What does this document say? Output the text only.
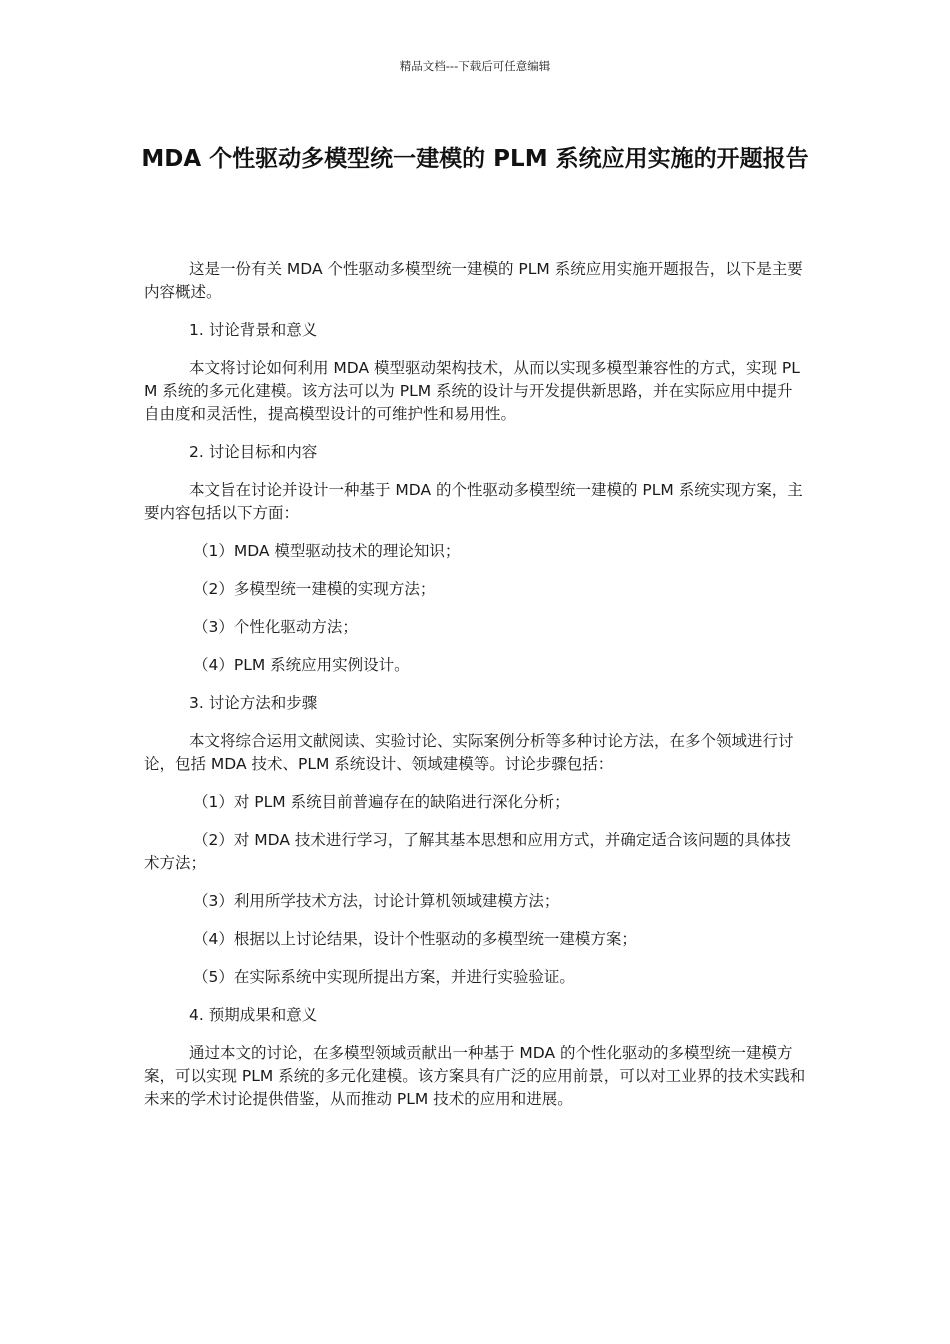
精品文档---下载后可任意编辑
MDA 个性驱动多模型统一建模的 PLM 系统应用实施的开题报告

这是一份有关 MDA 个性驱动多模型统一建模的 PLM 系统应用实施开题报告，以下是主要内容概述。

1. 讨论背景和意义

本文将讨论如何利用 MDA 模型驱动架构技术，从而以实现多模型兼容性的方式，实现 PLM 系统的多元化建模。该方法可以为 PLM 系统的设计与开发提供新思路，并在实际应用中提升自由度和灵活性，提高模型设计的可维护性和易用性。

2. 讨论目标和内容

本文旨在讨论并设计一种基于 MDA 的个性驱动多模型统一建模的 PLM 系统实现方案，主要内容包括以下方面：

（1）MDA 模型驱动技术的理论知识；

（2）多模型统一建模的实现方法；

（3）个性化驱动方法；

（4）PLM 系统应用实例设计。

3. 讨论方法和步骤

本文将综合运用文献阅读、实验讨论、实际案例分析等多种讨论方法，在多个领域进行讨论，包括 MDA 技术、PLM 系统设计、领域建模等。讨论步骤包括：

（1）对 PLM 系统目前普遍存在的缺陷进行深化分析；

（2）对 MDA 技术进行学习，了解其基本思想和应用方式，并确定适合该问题的具体技术方法；

（3）利用所学技术方法，讨论计算机领域建模方法；

（4）根据以上讨论结果，设计个性驱动的多模型统一建模方案；

（5）在实际系统中实现所提出方案，并进行实验验证。

4. 预期成果和意义

通过本文的讨论，在多模型领域贡献出一种基于 MDA 的个性化驱动的多模型统一建模方案，可以实现 PLM 系统的多元化建模。该方案具有广泛的应用前景，可以对工业界的技术实践和未来的学术讨论提供借鉴，从而推动 PLM 技术的应用和进展。
